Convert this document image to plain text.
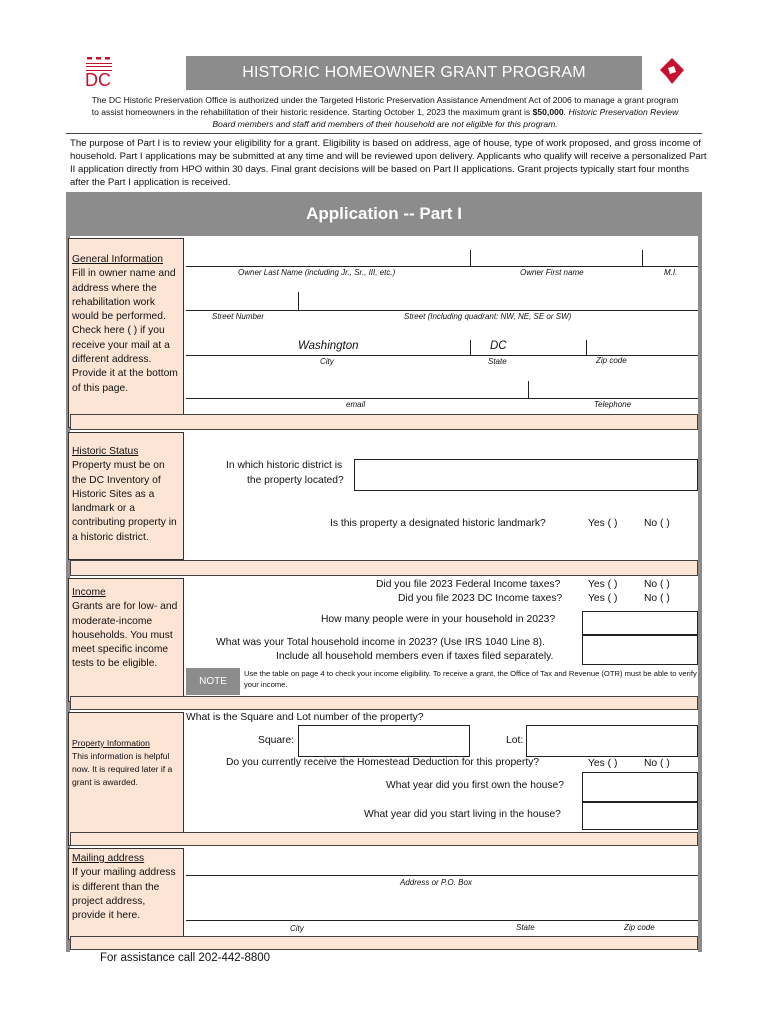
DC	HISTORIC HOMEOWNER GRANT PROGRAM
The DC Historic Preservation Office is authorized under the Targeted Historic Preservation Assistance Amendment Act of 2006 to manage a grant program
to assist homeowners in the rehabilitation of their historic residence. Starting October 1, 2023 the maximum grant is $50,000. Historic Preservation Review
Board members and staff and members of their household are not eligible for this program.
The purpose of Part I is to review your eligibility for a grant. Eligibility is based on address, age of house, type of work proposed, and gross income of household. Part I applications may be submitted at any time and will be reviewed upon delivery. Applicants who qualify will receive a personalized Part II application directly from HPO within 30 days. Final grant decisions will be based on Part II applications. Grant projects typically start four months after the Part I application is received.
Application -- Part I
General Information
Fill in owner name and address where the rehabilitation work would be performed. Check here ( ) if you receive your mail at a different address. Provide it at the bottom of this page.
Owner Last Name (including Jr., Sr., III, etc.)	Owner First name	M.I.
Street Number	Street (Including quadrant: NW, NE, SE or SW)
Washington	DC
City	State	Zip code
email	Telephone
Historic Status
Property must be on the DC Inventory of Historic Sites as a landmark or a contributing property in a historic district.
In which historic district is
the property located?
Is this property a designated historic landmark?	Yes ( )	No ( )
Income
Grants are for low- and moderate-income households. You must meet specific income tests to be eligible.
Did you file 2023 Federal Income taxes?	Yes ( )	No ( )
Did you file 2023 DC Income taxes? Yes ( )	No ( )
How many people were in your household in 2023?
What was your Total household income in 2023? (Use IRS 1040 Line 8).
Include all household members even if taxes filed separately.
NOTE
Use the table on page 4 to check your income eligibility. To receive a grant, the Office of Tax and Revenue (OTR) must be able to verify your income.
Property Information
This information is helpful now. It is required later if a grant is awarded.
What is the Square and Lot number of the property?
Square:	Lot:
Do you currently receive the Homestead Deduction for this property?	Yes ( )	No ( )
What year did you first own the house?
What year did you start living in the house?
Mailing address
If your mailing address is different than the project address, provide it here.
Address or P.O. Box
City	State	Zip code
For assistance call 202-442-8800
